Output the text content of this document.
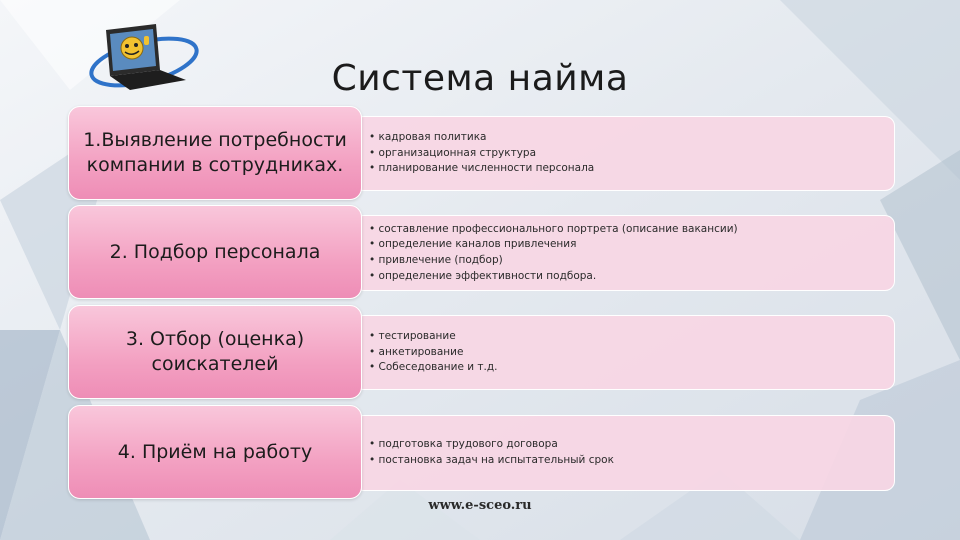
Система найма
• кадровая политика
• организационная структура
• планирование численности персонала
1.Выявление потребности компании в сотрудниках.
• составление профессионального портрета (описание вакансии)
• определение каналов привлечения
• привлечение (подбор)
• определение эффективности подбора.
2. Подбор персонала
• тестирование
• анкетирование
• Собеседование и т.д.
3. Отбор (оценка) соискателей
• подготовка трудового договора
• постановка задач на испытательный срок
4. Приём на работу
www.e-sceo.ru
